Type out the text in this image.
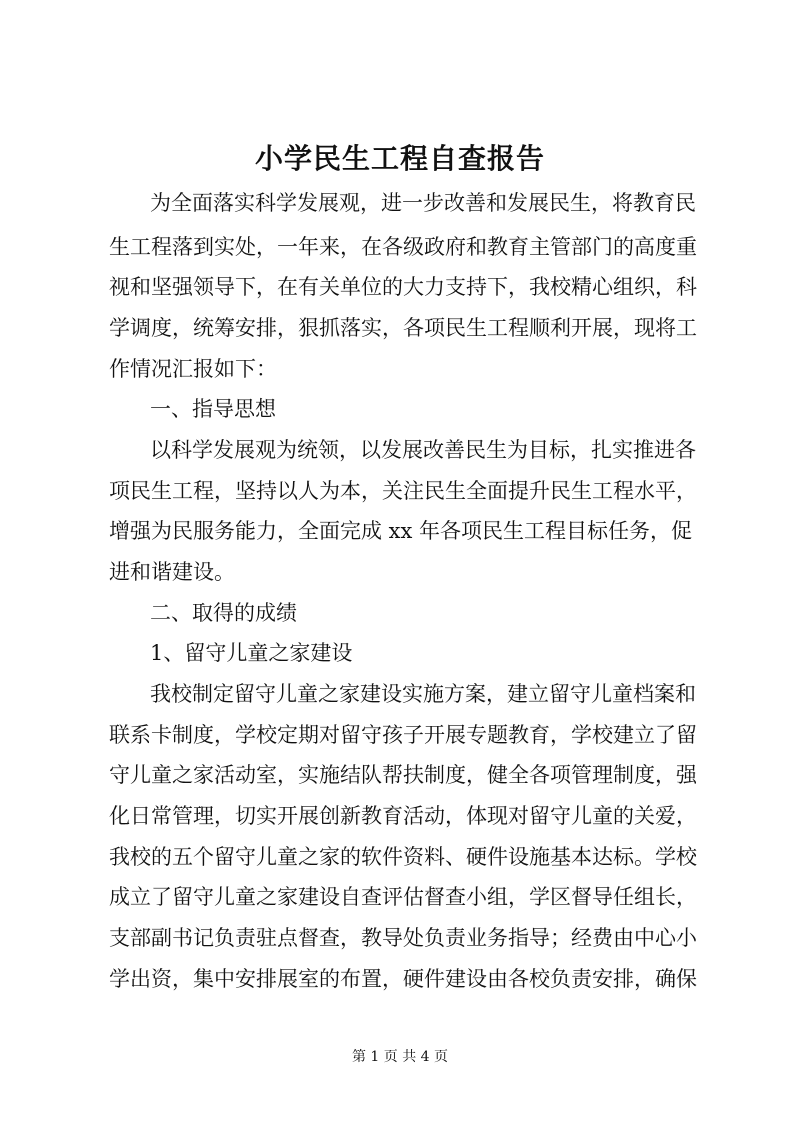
小学民生工程自查报告

为全面落实科学发展观，进一步改善和发展民生，将教育民

生工程落到实处，一年来，在各级政府和教育主管部门的高度重

视和坚强领导下，在有关单位的大力支持下，我校精心组织，科

学调度，统筹安排，狠抓落实，各项民生工程顺利开展，现将工

作情况汇报如下：

一、指导思想

以科学发展观为统领，以发展改善民生为目标，扎实推进各

项民生工程，坚持以人为本，关注民生全面提升民生工程水平，

增强为民服务能力，全面完成 xx 年各项民生工程目标任务，促

进和谐建设。

二、取得的成绩

1、留守儿童之家建设

我校制定留守儿童之家建设实施方案，建立留守儿童档案和

联系卡制度，学校定期对留守孩子开展专题教育，学校建立了留

守儿童之家活动室，实施结队帮扶制度，健全各项管理制度，强

化日常管理，切实开展创新教育活动，体现对留守儿童的关爱，

我校的五个留守儿童之家的软件资料、硬件设施基本达标。学校

成立了留守儿童之家建设自查评估督查小组，学区督导任组长，

支部副书记负责驻点督查，教导处负责业务指导；经费由中心小

学出资，集中安排展室的布置，硬件建设由各校负责安排，确保

第 1 页 共 4 页
